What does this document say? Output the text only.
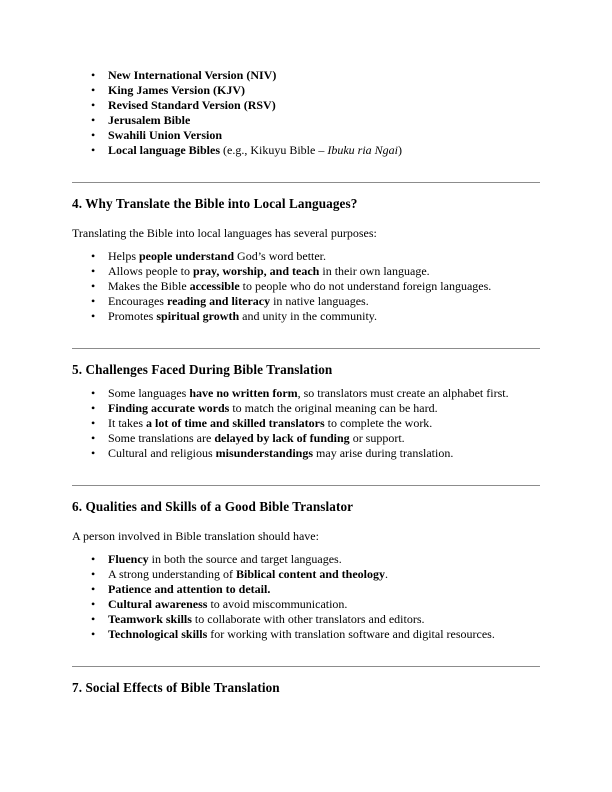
• New International Version (NIV)
• King James Version (KJV)
• Revised Standard Version (RSV)
• Jerusalem Bible
• Swahili Union Version
• Local language Bibles (e.g., Kikuyu Bible – Ibuku ria Ngai)
4. Why Translate the Bible into Local Languages?

Translating the Bible into local languages has several purposes:

• Helps people understand God’s word better.
• Allows people to pray, worship, and teach in their own language.
• Makes the Bible accessible to people who do not understand foreign languages.
• Encourages reading and literacy in native languages.
• Promotes spiritual growth and unity in the community.
5. Challenges Faced During Bible Translation
• Some languages have no written form, so translators must create an alphabet first.
• Finding accurate words to match the original meaning can be hard.
• It takes a lot of time and skilled translators to complete the work.
• Some translations are delayed by lack of funding or support.
• Cultural and religious misunderstandings may arise during translation.
6. Qualities and Skills of a Good Bible Translator

A person involved in Bible translation should have:

• Fluency in both the source and target languages.
• A strong understanding of Biblical content and theology.
• Patience and attention to detail.
• Cultural awareness to avoid miscommunication.
• Teamwork skills to collaborate with other translators and editors.
• Technological skills for working with translation software and digital resources.
7. Social Effects of Bible Translation
